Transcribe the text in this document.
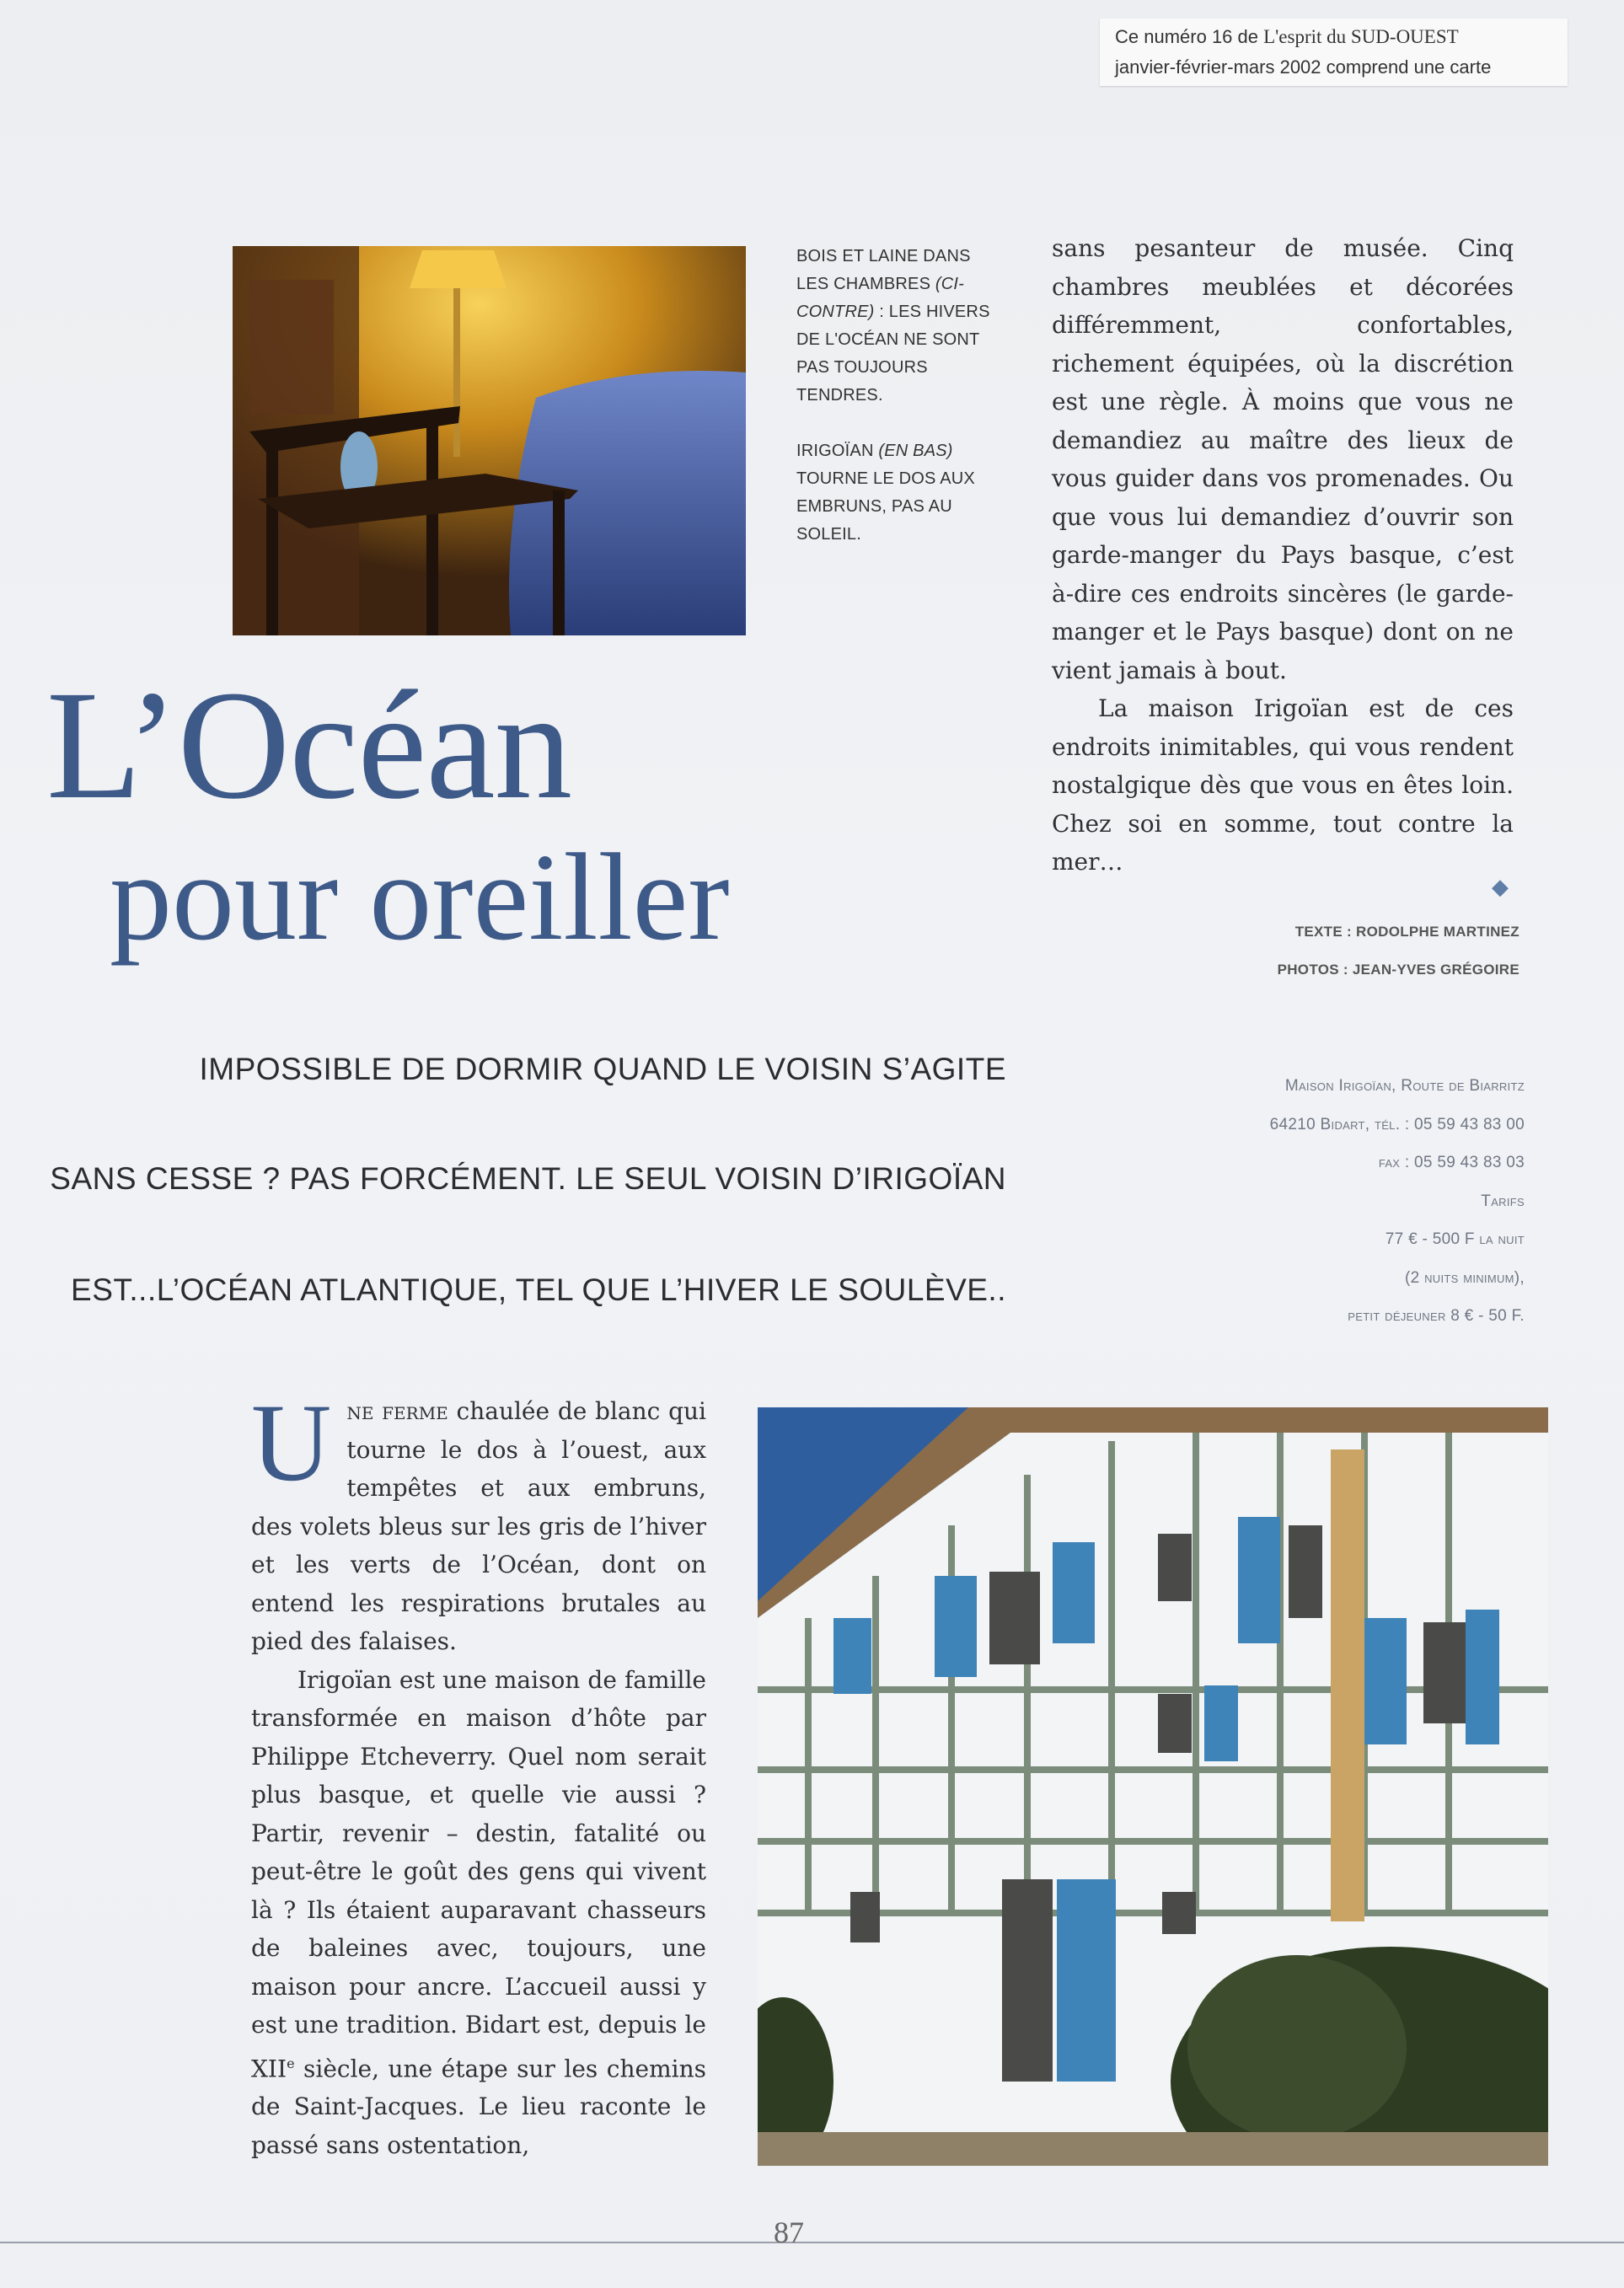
Ce numéro 16 de L'esprit du SUD-OUEST
janvier-février-mars 2002 comprend une carte

BOIS ET LAINE DANS LES CHAMBRES (CI-CONTRE) : LES HIVERS DE L'OCÉAN NE SONT PAS TOUJOURS TENDRES.

IRIGOÏAN (EN BAS) TOURNE LE DOS AUX EMBRUNS, PAS AU SOLEIL.

sans pesanteur de musée. Cinq chambres meublées et décorées différemment, confortables, richement équipées, où la discrétion est une règle. À moins que vous ne demandiez au maître des lieux de vous guider dans vos promenades. Ou que vous lui demandiez d’ouvrir son garde-manger du Pays basque, c’est à-dire ces endroits sincères (le garde-manger et le Pays basque) dont on ne vient jamais à bout.

La maison Irigoïan est de ces endroits inimitables, qui vous rendent nostalgique dès que vous en êtes loin. Chez soi en somme, tout contre la mer…

◆
TEXTE : RODOLPHE MARTINEZ
PHOTOS : JEAN-YVES GRÉGOIRE
L’Océan
pour oreiller
IMPOSSIBLE DE DORMIR QUAND LE VOISIN S’AGITE
SANS CESSE ? PAS FORCÉMENT. LE SEUL VOISIN D’IRIGOÏAN
EST...L’OCÉAN ATLANTIQUE, TEL QUE L’HIVER LE SOULÈVE..
Maison Irigoïan, Route de Biarritz
64210 Bidart, tél. : 05 59 43 83 00
fax : 05 59 43 83 03
Tarifs
77 € - 500 F la nuit
(2 nuits minimum),
petit déjeuner 8 € - 50 F.

Une ferme chaulée de blanc qui tourne le dos à l’ouest, aux tempêtes et aux embruns, des volets bleus sur les gris de l’hiver et les verts de l’Océan, dont on entend les respirations brutales au pied des falaises.

Irigoïan est une maison de famille transformée en maison d’hôte par Philippe Etcheverry. Quel nom serait plus basque, et quelle vie aussi ? Partir, revenir – destin, fatalité ou peut-être le goût des gens qui vivent là ? Ils étaient auparavant chasseurs de baleines avec, toujours, une maison pour ancre. L’accueil aussi y est une tradition. Bidart est, depuis le XIIe siècle, une étape sur les chemins de Saint-Jacques. Le lieu raconte le passé sans ostentation,

87
